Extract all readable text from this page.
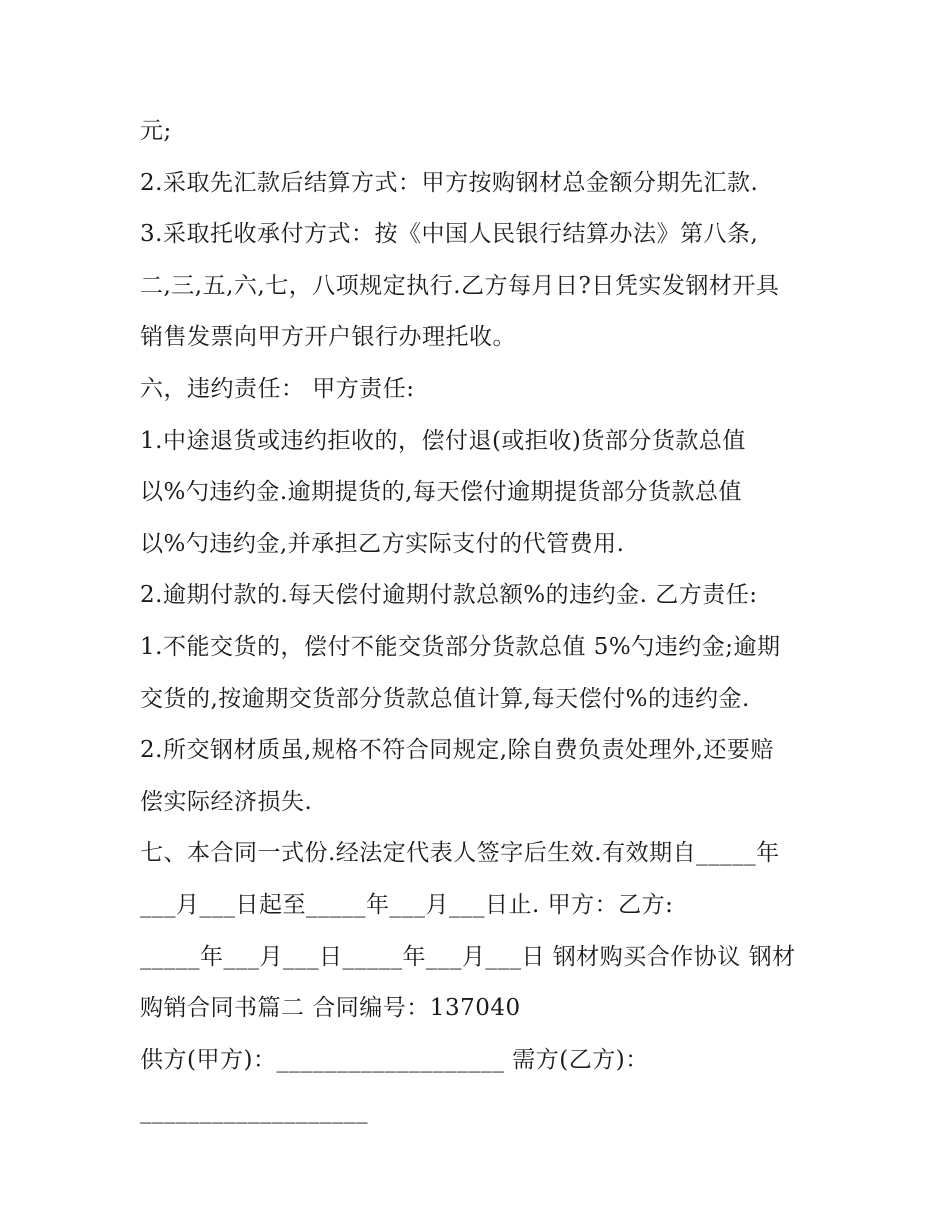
元;
2.采取先汇款后结算方式：甲方按购钢材总金额分期先汇款.
3.采取托收承付方式：按《中国人民银行结算办法》第八条,
二,三,五,六,七，八项规定执行.乙方每月日?日凭实发钢材开具
销售发票向甲方开户银行办理托收。
六，违约责任： 甲方责任:
1.中途退货或违约拒收的，偿付退(或拒收)货部分货款总值
以%勺违约金.逾期提货的,每天偿付逾期提货部分货款总值
以%勺违约金,并承担乙方实际支付的代管费用.
2.逾期付款的.每天偿付逾期付款总额%的违约金. 乙方责任:
1.不能交货的，偿付不能交货部分货款总值 5%勺违约金;逾期
交货的,按逾期交货部分货款总值计算,每天偿付%的违约金.
2.所交钢材质虽,规格不符合同规定,除自费负责处理外,还要赔
偿实际经济损失.
七、本合同一式份.经法定代表人签字后生效.有效期自_____年
___月___日起至_____年___月___日止. 甲方：乙方:
_____年___月___日_____年___月___日 钢材购买合作协议 钢材
购销合同书篇二 合同编号：137040
供方(甲方)：___________________ 需方(乙方)：
___________________
